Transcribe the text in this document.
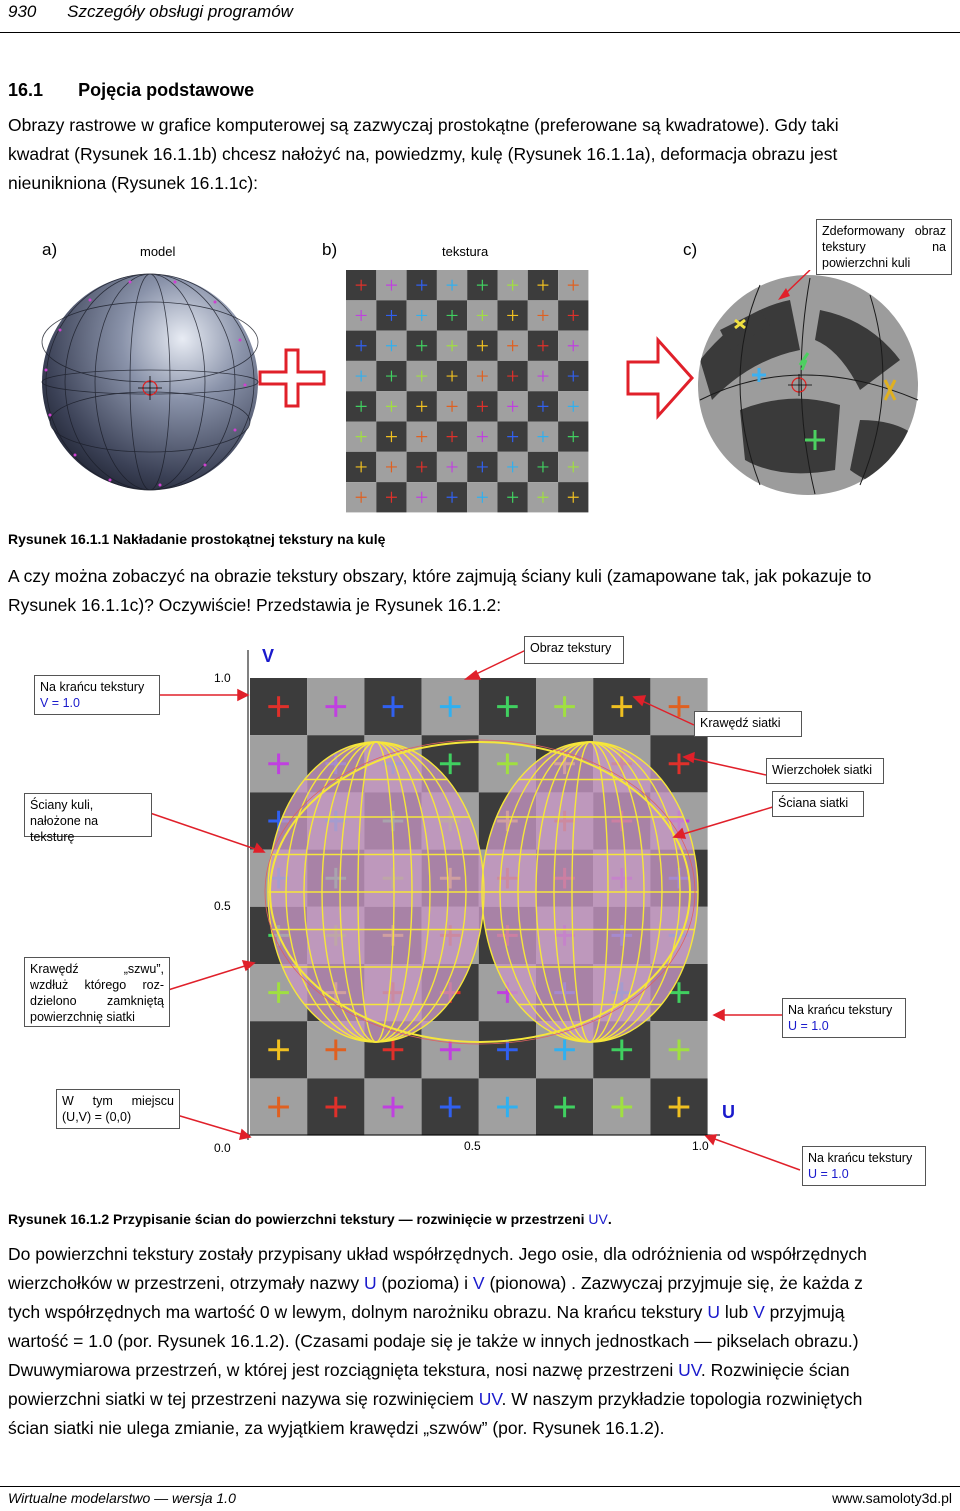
930 Szczegóły obsługi programów
16.1 Pojęcia podstawowe
Obrazy rastrowe w grafice komputerowej są zazwyczaj prostokątne (preferowane są kwadratowe). Gdy taki
kwadrat (Rysunek 16.1.1b) chcesz nałożyć na, powiedzmy, kulę (Rysunek 16.1.1a), deformacja obrazu jest
nieunikniona (Rysunek 16.1.1c):
a)	model	b)	tekstura	c)
Zdeformowany obraz tekstury na powierzchni kuli
Rysunek 16.1.1 Nakładanie prostokątnej tekstury na kulę
A czy można zobaczyć na obrazie tekstury obszary, które zajmują ściany kuli (zamapowane tak, jak pokazuje to
Rysunek 16.1.1c)? Oczywiście! Przedstawia je Rysunek 16.1.2:
V
U
1.0
0.5
0.0	0.5	1.0
Na krańcu tekstury
V = 1.0
Obraz tekstury
Krawędź siatki
Wierzchołek siatki
Ściana siatki
Ściany kuli, nałożone na teksturę
Krawędź „szwu”, wzdłuż którego roz- dzielono zamkniętą powierzchnię siatki	Na krańcu tekstury
U = 1.0
W tym miejscu (U,V) = (0,0)
Na krańcu tekstury
U = 1.0
Rysunek 16.1.2 Przypisanie ścian do powierzchni tekstury — rozwinięcie w przestrzeni UV.
Do powierzchni tekstury zostały przypisany układ współrzędnych. Jego osie, dla odróżnienia od współrzędnych
wierzchołków w przestrzeni, otrzymały nazwy U (pozioma) i V (pionowa) . Zazwyczaj przyjmuje się, że każda z
tych współrzędnych ma wartość 0 w lewym, dolnym narożniku obrazu. Na krańcu tekstury U lub V przyjmują
wartość = 1.0 (por. Rysunek 16.1.2). (Czasami podaje się je także w innych jednostkach — pikselach obrazu.)
Dwuwymiarowa przestrzeń, w której jest rozciągnięta tekstura, nosi nazwę przestrzeni UV. Rozwinięcie ścian
powierzchni siatki w tej przestrzeni nazywa się rozwinięciem UV. W naszym przykładzie topologia rozwiniętych
ścian siatki nie ulega zmianie, za wyjątkiem krawędzi „szwów” (por. Rysunek 16.1.2).
Wirtualne modelarstwo — wersja 1.0	www.samoloty3d.pl
